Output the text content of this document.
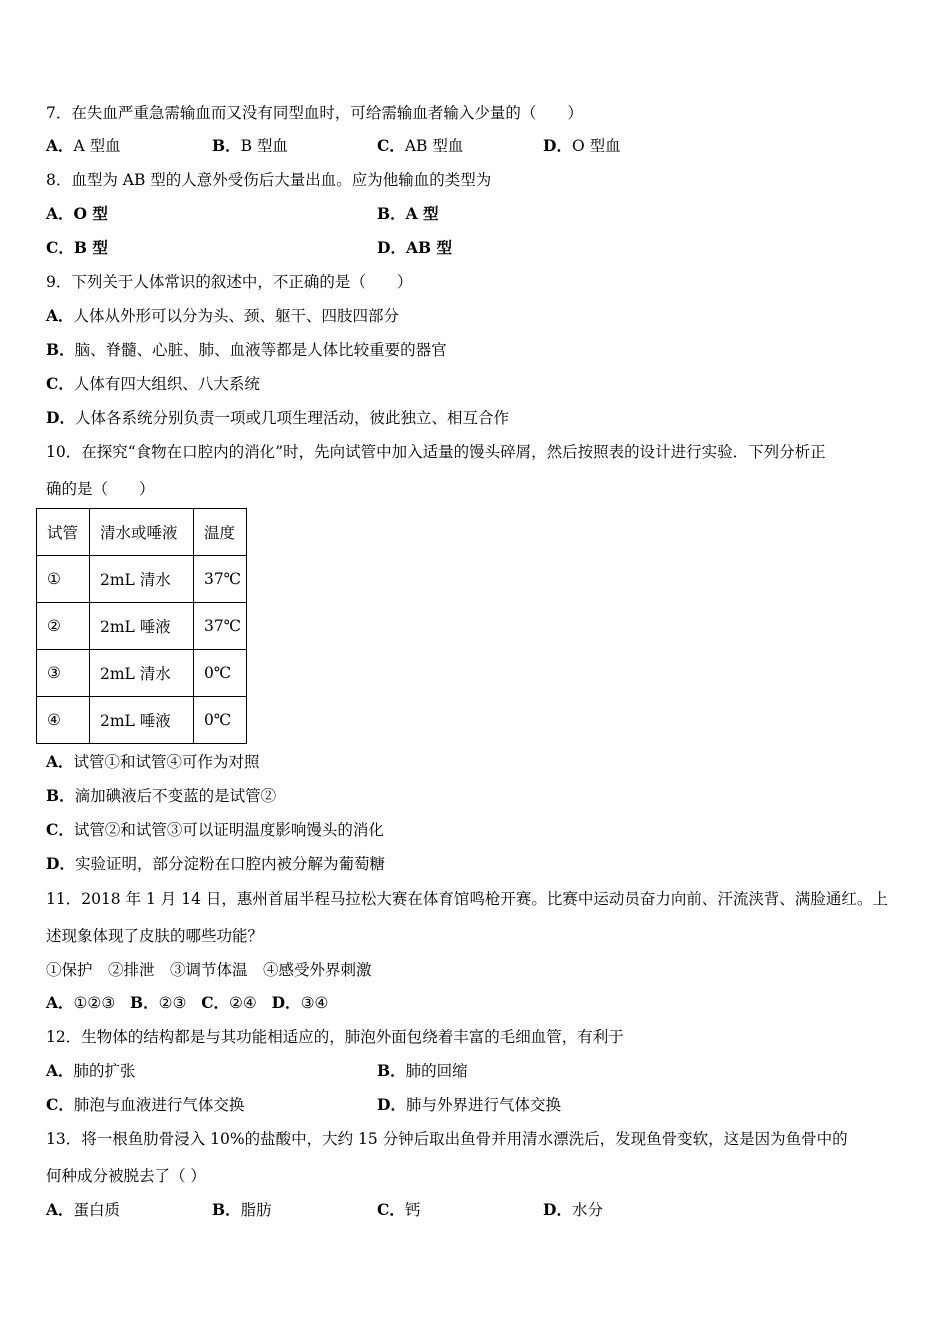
7．在失血严重急需输血而又没有同型血时，可给需输血者输入少量的（　　）
A．A 型血	B．B 型血	C．AB 型血	D．O 型血
8．血型为 AB 型的人意外受伤后大量出血。应为他输血的类型为
A．O 型	B．A 型
C．B 型	D．AB 型
9．下列关于人体常识的叙述中，不正确的是（　　）
A．人体从外形可以分为头、颈、躯干、四肢四部分
B．脑、脊髓、心脏、肺、血液等都是人体比较重要的器官
C．人体有四大组织、八大系统
D．人体各系统分别负责一项或几项生理活动，彼此独立、相互合作
10．在探究“食物在口腔内的消化”时，先向试管中加入适量的馒头碎屑，然后按照表的设计进行实验．下列分析正
确的是（　　）
试管	清水或唾液	温度
①	2mL 清水	37℃
②	2mL 唾液	37℃
③	2mL 清水	0℃
④	2mL 唾液	0℃
A．试管①和试管④可作为对照
B．滴加碘液后不变蓝的是试管②
C．试管②和试管③可以证明温度影响馒头的消化
D．实验证明，部分淀粉在口腔内被分解为葡萄糖
11．2018 年 1 月 14 日，惠州首届半程马拉松大赛在体育馆鸣枪开赛。比赛中运动员奋力向前、汗流浃背、满脸通红。上
述现象体现了皮肤的哪些功能？
①保护　②排泄　③调节体温　④感受外界刺激
A．①②③ B．②③ C．②④ D．③④
12．生物体的结构都是与其功能相适应的，肺泡外面包绕着丰富的毛细血管，有利于
A．肺的扩张	B．肺的回缩
C．肺泡与血液进行气体交换	D．肺与外界进行气体交换
13．将一根鱼肋骨浸入 10%的盐酸中，大约 15 分钟后取出鱼骨并用清水漂洗后，发现鱼骨变软，这是因为鱼骨中的
何种成分被脱去了（ ）
A．蛋白质	B．脂肪	C．钙	D．水分
